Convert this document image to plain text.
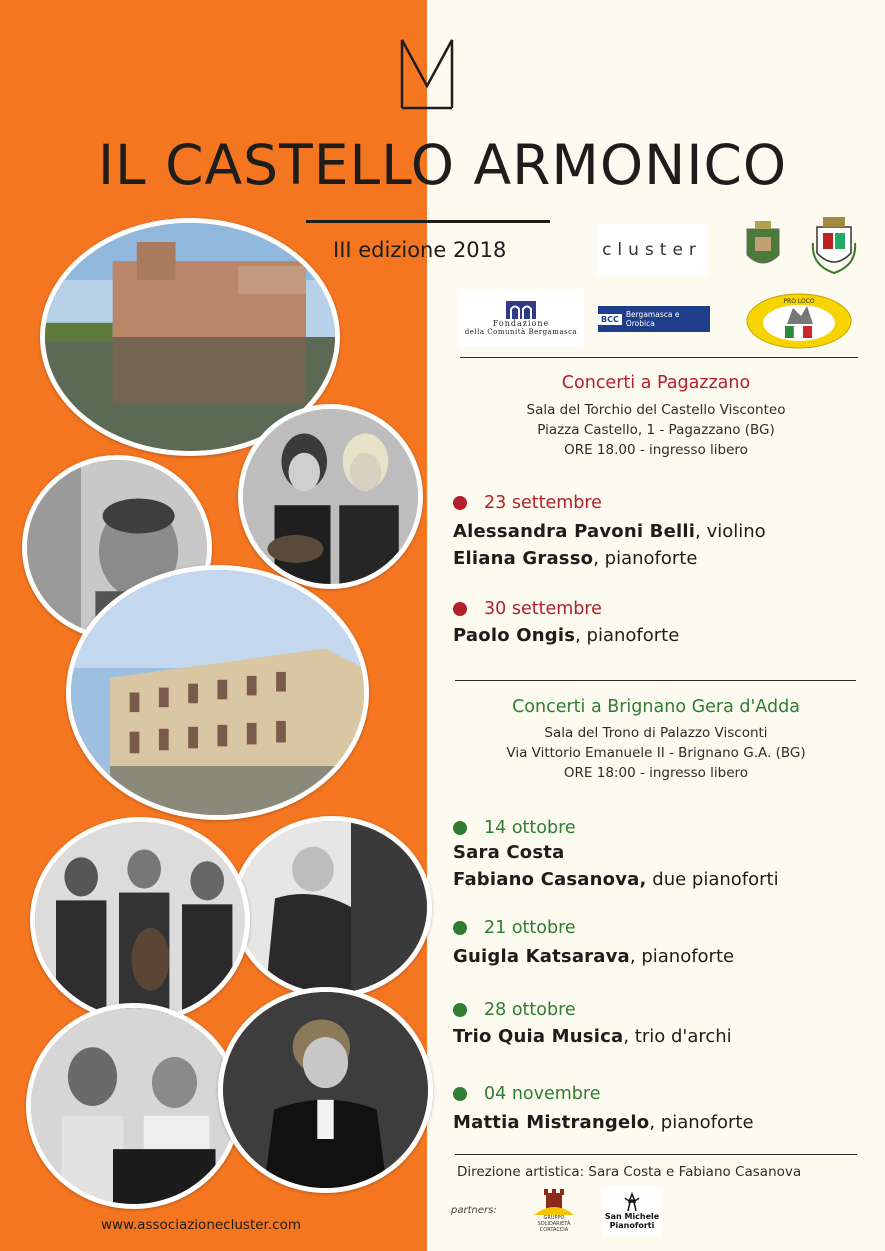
IL CASTELLO ARMONICO
III edizione 2018	cluster
Fondazione
della Comunità Bergamasca
BCC Bergamasca e Orobica
PRO LOCO
Concerti a Pagazzano
Sala del Torchio del Castello Visconteo
Piazza Castello, 1 - Pagazzano (BG)
ORE 18.00 - ingresso libero
23 settembre
Alessandra Pavoni Belli, violino
Eliana Grasso, pianoforte
30 settembre
Paolo Ongis, pianoforte
Concerti a Brignano Gera d'Adda
Sala del Trono di Palazzo Visconti
Via Vittorio Emanuele II - Brignano G.A. (BG)
ORE 18:00 - ingresso libero
14 ottobre
Sara Costa
Fabiano Casanova, due pianoforti
21 ottobre
Guigla Katsarava, pianoforte
28 ottobre
Trio Quia Musica, trio d'archi
04 novembre
Mattia Mistrangelo, pianoforte
Direzione artistica: Sara Costa e Fabiano Casanova
partners:
GRUPPO
SOLIDARIETÀ
CORTACCIA
San Michele
Pianoforti
www.associazionecluster.com
